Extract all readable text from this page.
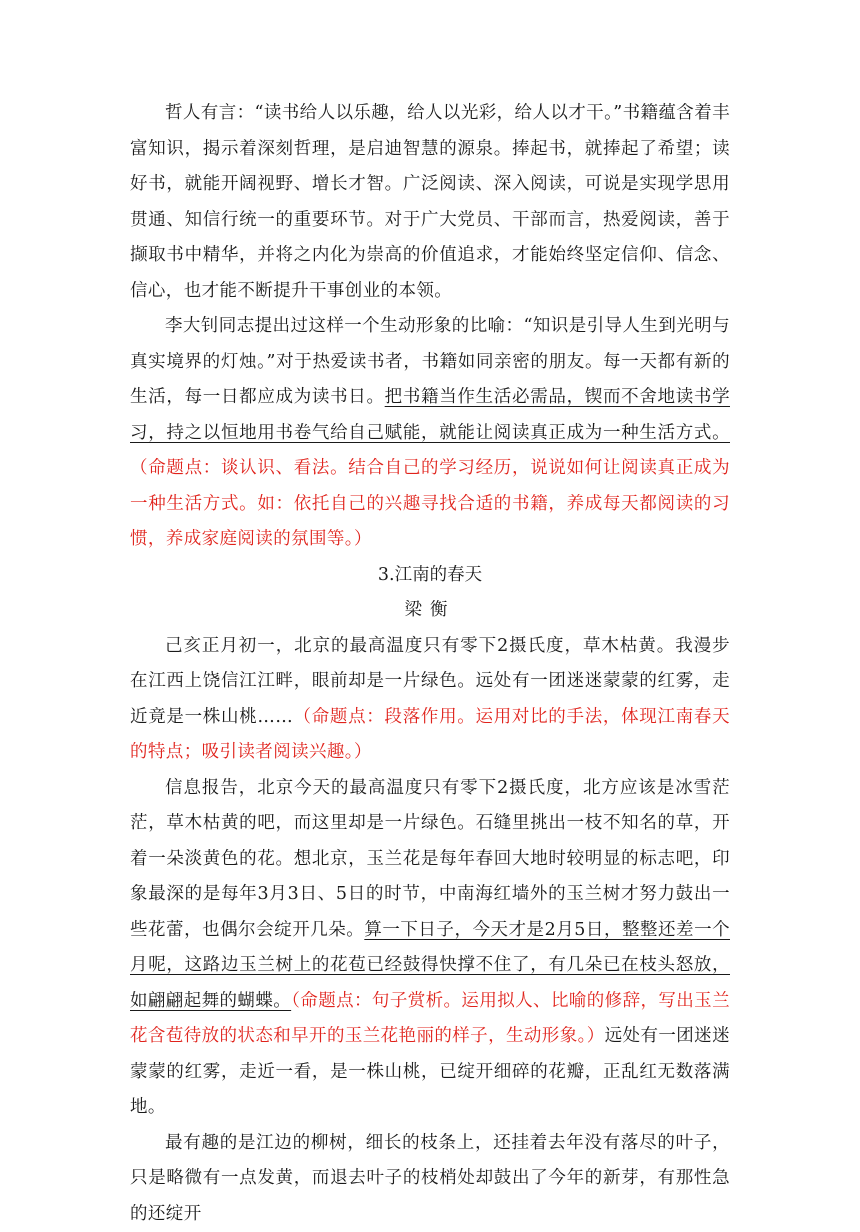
哲人有言：“读书给人以乐趣，给人以光彩，给人以才干。”书籍蕴含着丰富知识，揭示着深刻哲理，是启迪智慧的源泉。捧起书，就捧起了希望；读好书，就能开阔视野、增长才智。广泛阅读、深入阅读，可说是实现学思用贯通、知信行统一的重要环节。对于广大党员、干部而言，热爱阅读，善于撷取书中精华，并将之内化为崇高的价值追求，才能始终坚定信仰、信念、信心，也才能不断提升干事创业的本领。

李大钊同志提出过这样一个生动形象的比喻：“知识是引导人生到光明与真实境界的灯烛。”对于热爱读书者，书籍如同亲密的朋友。每一天都有新的生活，每一日都应成为读书日。把书籍当作生活必需品，锲而不舍地读书学习，持之以恒地用书卷气给自己赋能，就能让阅读真正成为一种生活方式。（命题点：谈认识、看法。结合自己的学习经历，说说如何让阅读真正成为一种生活方式。如：依托自己的兴趣寻找合适的书籍，养成每天都阅读的习惯，养成家庭阅读的氛围等。）

3.江南的春天

梁衡

己亥正月初一，北京的最高温度只有零下2摄氏度，草木枯黄。我漫步在江西上饶信江江畔，眼前却是一片绿色。远处有一团迷迷蒙蒙的红雾，走近竟是一株山桃……（命题点：段落作用。运用对比的手法，体现江南春天的特点；吸引读者阅读兴趣。）

信息报告，北京今天的最高温度只有零下2摄氏度，北方应该是冰雪茫茫，草木枯黄的吧，而这里却是一片绿色。石缝里挑出一枝不知名的草，开着一朵淡黄色的花。想北京，玉兰花是每年春回大地时较明显的标志吧，印象最深的是每年3月3日、5日的时节，中南海红墙外的玉兰树才努力鼓出一些花蕾，也偶尔会绽开几朵。算一下日子，今天才是2月5日，整整还差一个月呢，这路边玉兰树上的花苞已经鼓得快撑不住了，有几朵已在枝头怒放，如翩翩起舞的蝴蝶。（命题点：句子赏析。运用拟人、比喻的修辞，写出玉兰花含苞待放的状态和早开的玉兰花艳丽的样子，生动形象。）远处有一团迷迷蒙蒙的红雾，走近一看，是一株山桃，已绽开细碎的花瓣，正乱红无数落满地。

最有趣的是江边的柳树，细长的枝条上，还挂着去年没有落尽的叶子，只是略微有一点发黄，而退去叶子的枝梢处却鼓出了今年的新芽，有那性急的还绽开
